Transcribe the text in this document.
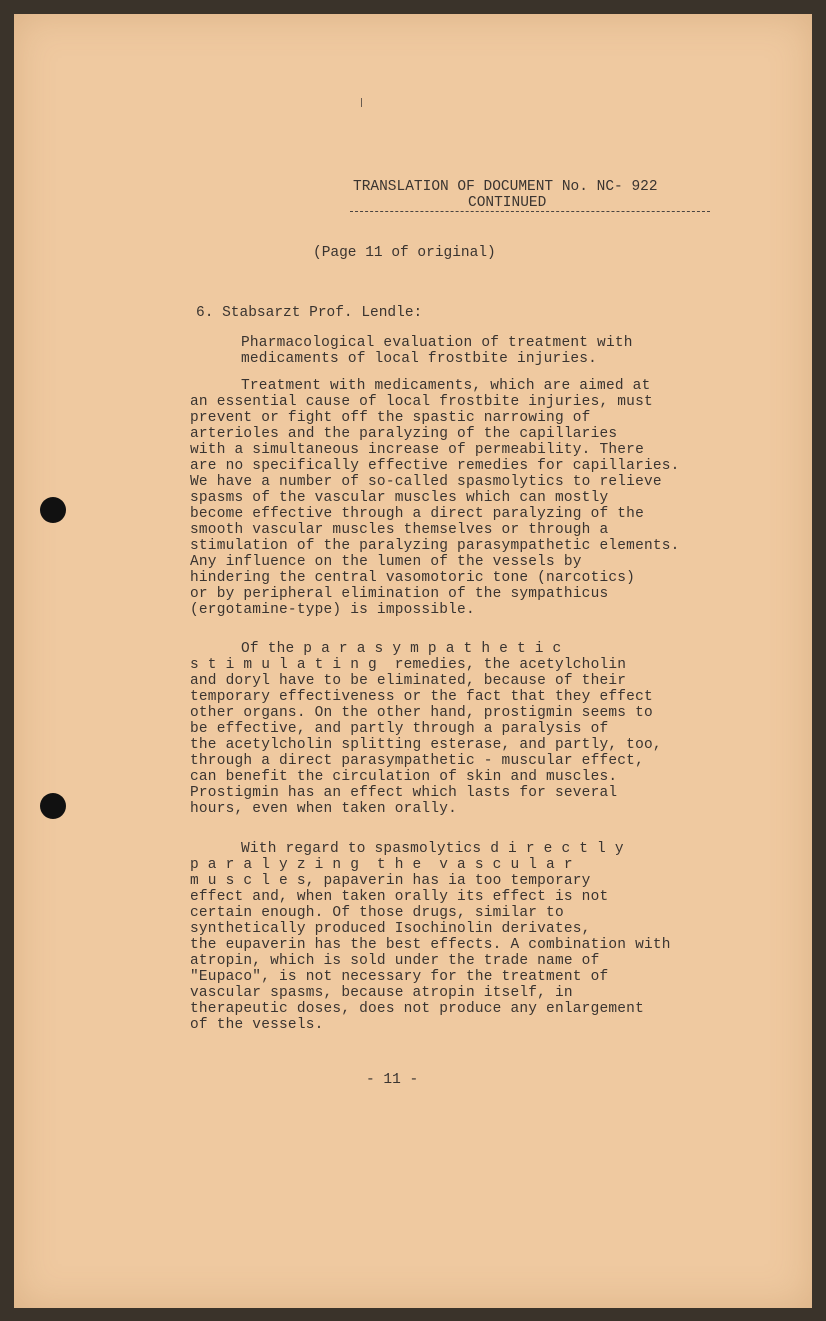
TRANSLATION OF DOCUMENT No. NC- 922
CONTINUED
(Page 11 of original)
6. Stabsarzt Prof. Lendle:
Pharmacological evaluation of treatment with
medicaments of local frostbite injuries.
Treatment with medicaments, which are aimed at
an essential cause of local frostbite injuries, must
prevent or fight off the spastic narrowing of
arterioles and the paralyzing of the capillaries
with a simultaneous increase of permeability. There
are no specifically effective remedies for capillaries.
We have a number of so-called spasmolytics to relieve
spasms of the vascular muscles which can mostly
become effective through a direct paralyzing of the
smooth vascular muscles themselves or through a
stimulation of the paralyzing parasympathetic elements.
Any influence on the lumen of the vessels by
hindering the central vasomotoric tone (narcotics)
or by peripheral elimination of the sympathicus
(ergotamine-type) is impossible.
Of the p a r a s y m p a t h e t i c
s t i m u l a t i n g  remedies, the acetylcholin
and doryl have to be eliminated, because of their
temporary effectiveness or the fact that they effect
other organs. On the other hand, prostigmin seems to
be effective, and partly through a paralysis of
the acetylcholin splitting esterase, and partly, too,
through a direct parasympathetic - muscular effect,
can benefit the circulation of skin and muscles.
Prostigmin has an effect which lasts for several
hours, even when taken orally.
With regard to spasmolytics d i r e c t l y
p a r a l y z i n g  t h e  v a s c u l a r
m u s c l e s, papaverin has ia too temporary
effect and, when taken orally its effect is not
certain enough. Of those drugs, similar to
synthetically produced Isochinolin derivates,
the eupaverin has the best effects. A combination with
atropin, which is sold under the trade name of
"Eupaco", is not necessary for the treatment of
vascular spasms, because atropin itself, in
therapeutic doses, does not produce any enlargement
of the vessels.
- 11 -
